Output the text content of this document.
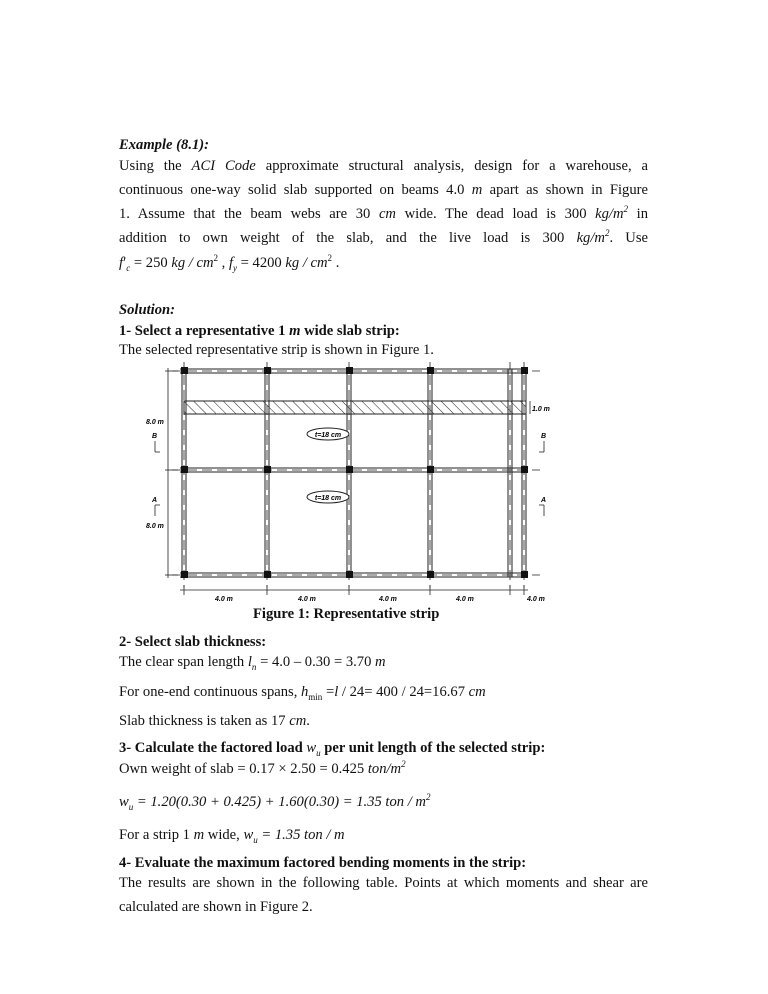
Example (8.1):
Using the ACI Code approximate structural analysis, design for a warehouse, a
continuous one-way solid slab supported on beams 4.0 m apart as shown in Figure
1. Assume that the beam webs are 30 cm wide. The dead load is 300 $kg/m^2$ in
addition to own weight of the slab, and the live load is 300 $kg/m^2$. Use
$f'_c = 250$ kg / $cm^2$ , $f_y = 4200$ kg / $cm^2$ .
Solution:
1- Select a representative 1 m wide slab strip:
The selected representative strip is shown in Figure 1.
1.0 m
t=18 cm
t=18 cm
8.0 m
8.0 m
B	B
A	A
4.0 m	4.0 m	4.0 m	4.0 m	4.0 m
Figure 1: Representative strip
2- Select slab thickness:
The clear span length $l_n = 4.0 - 0.30 = 3.70$ m
For one-end continuous spans, $h_{min} =l / 24= 400 / 24=16.67$ cm
Slab thickness is taken as 17 cm.
3- Calculate the factored load $w_u$ per unit length of the selected strip:
Own weight of slab = 0.17 × 2.50 = 0.425 ton/$m^2$
$w_u = 1.20(0.30 + 0.425) + 1.60(0.30) = 1.35$ ton / $m^2$
For a strip 1 m wide, $w_u = 1.35$ ton / m
4- Evaluate the maximum factored bending moments in the strip:
The results are shown in the following table. Points at which moments and shear are
calculated are shown in Figure 2.
